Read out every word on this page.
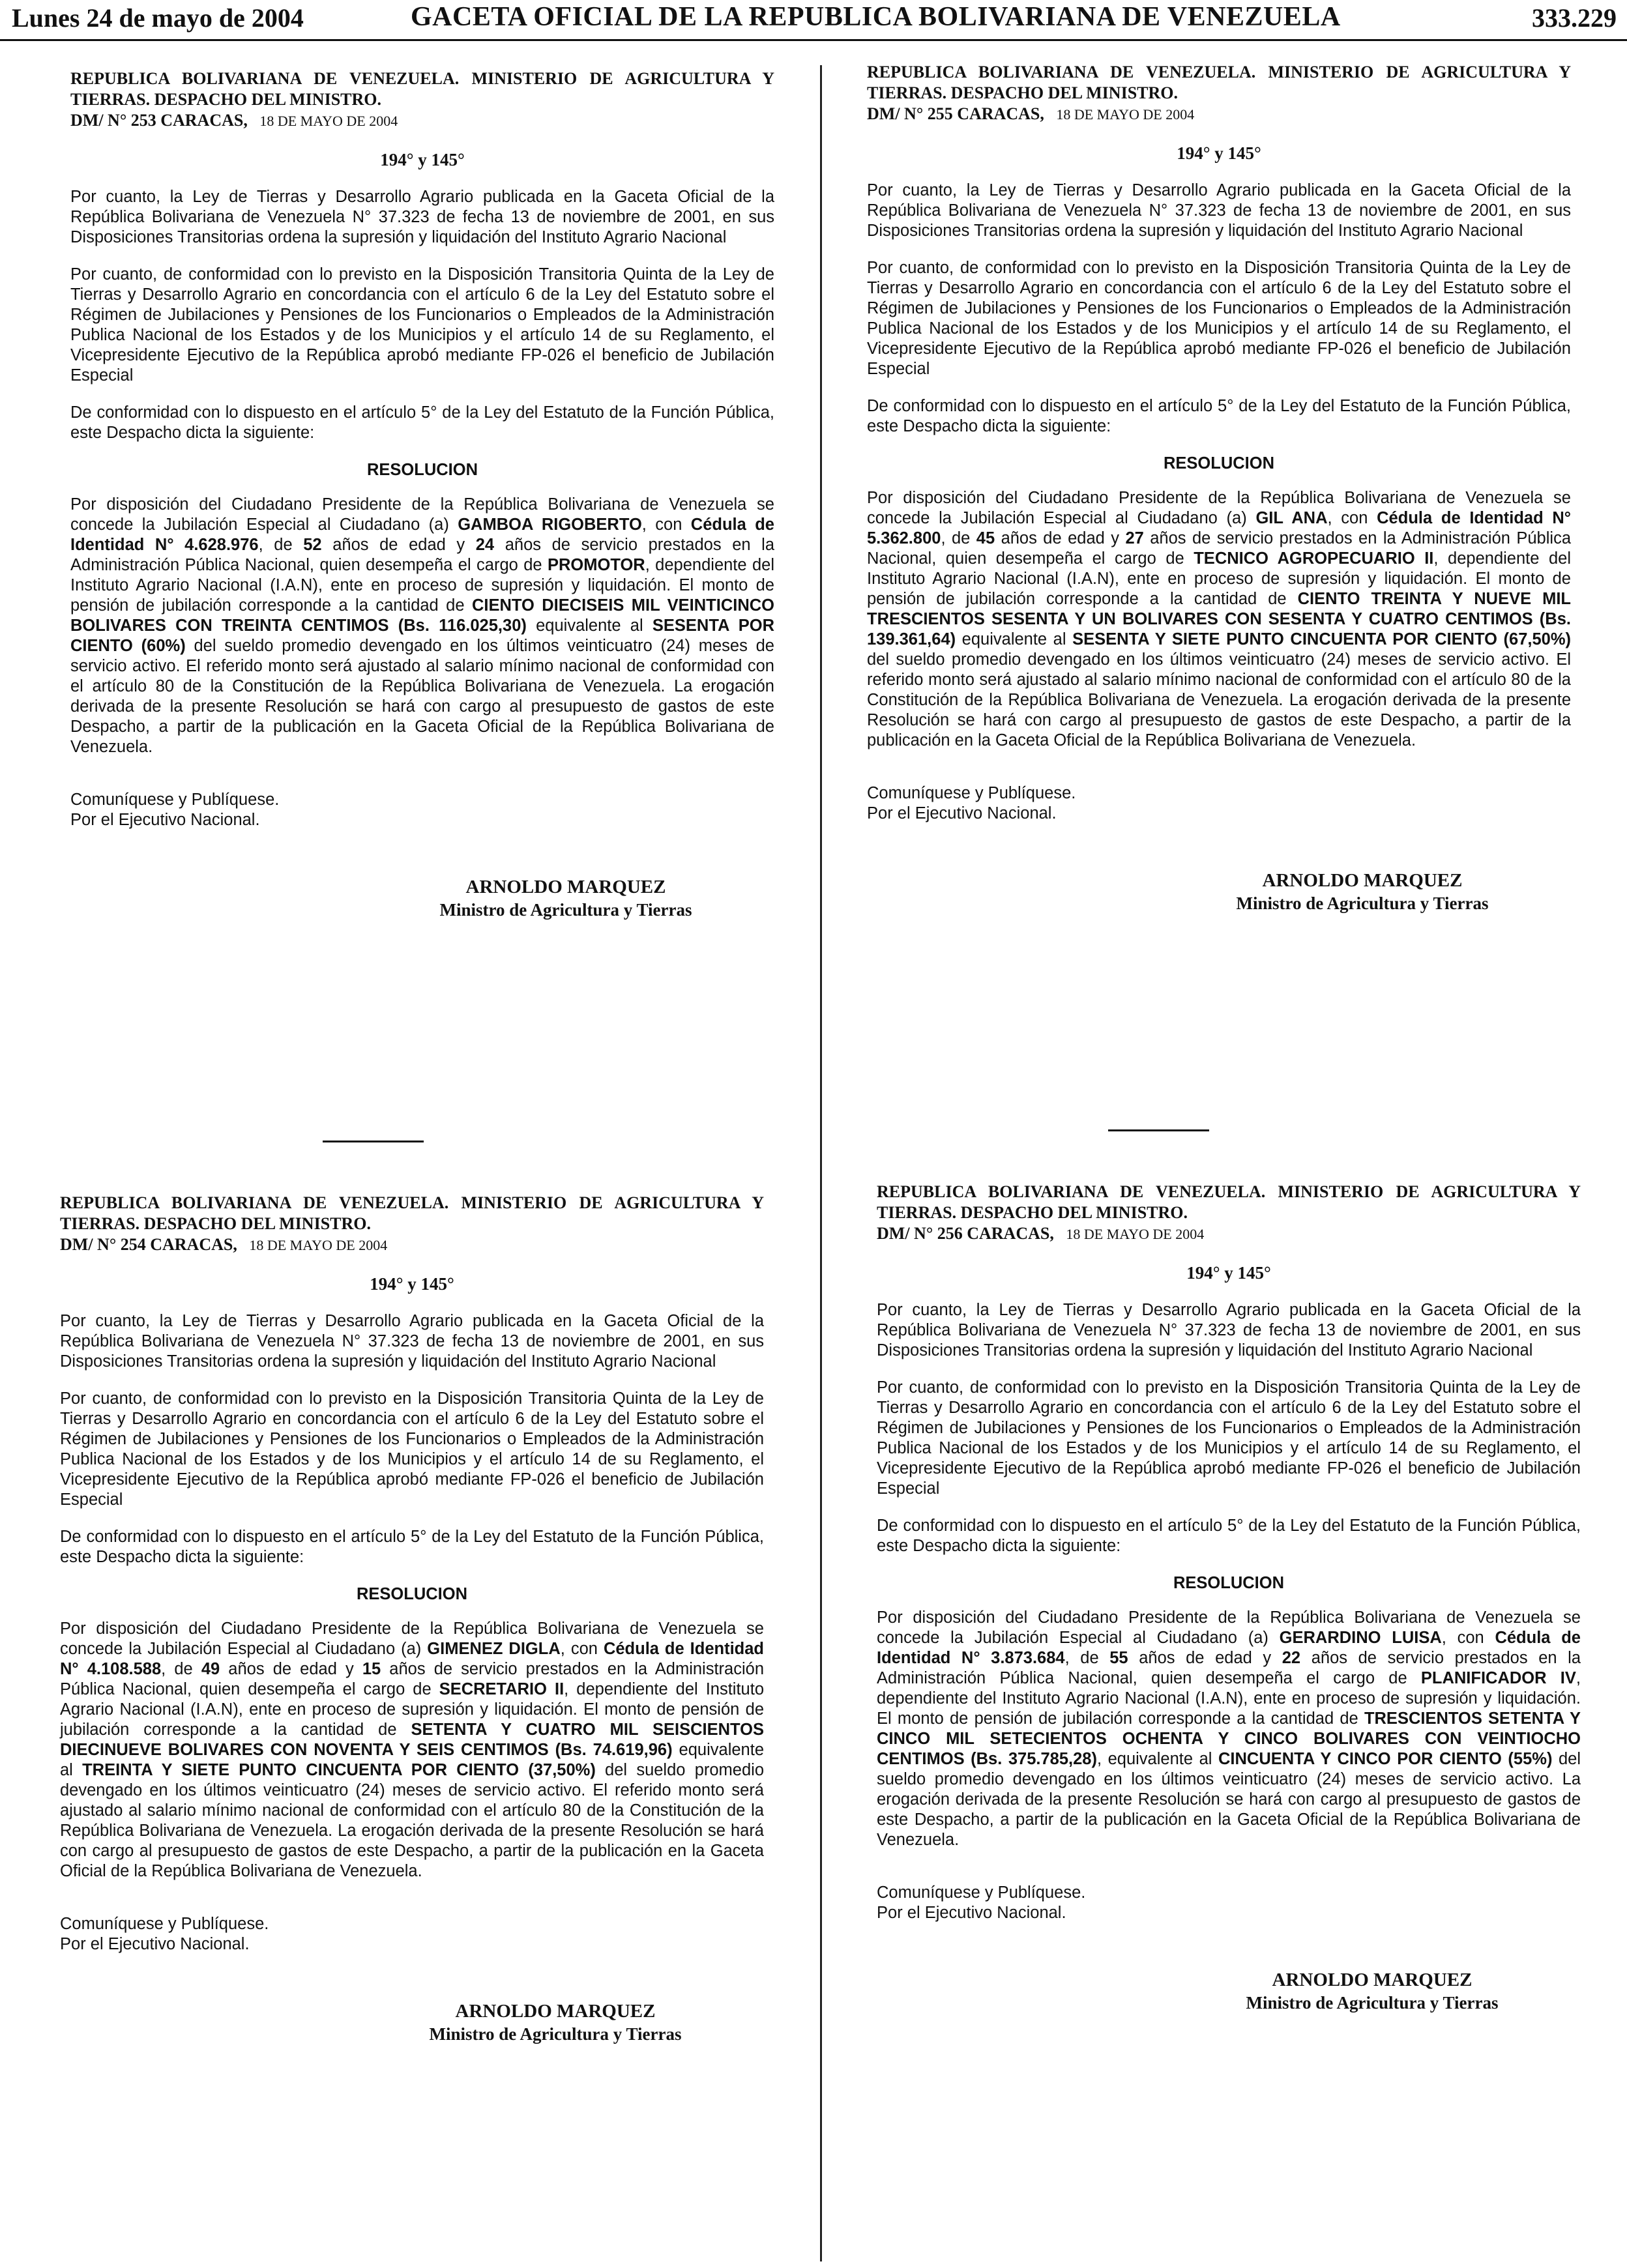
Lunes 24 de mayo de 2004	GACETA OFICIAL DE LA REPUBLICA BOLIVARIANA DE VENEZUELA	333.229
REPUBLICA BOLIVARIANA DE VENEZUELA. MINISTERIO DE AGRICULTURA Y TIERRAS. DESPACHO DEL MINISTRO.
DM/ N° 253 CARACAS, 18 DE MAYO DE 2004
194° y 145°

Por cuanto, la Ley de Tierras y Desarrollo Agrario publicada en la Gaceta Oficial de la República Bolivariana de Venezuela N° 37.323 de fecha 13 de noviembre de 2001, en sus Disposiciones Transitorias ordena la supresión y liquidación del Instituto Agrario Nacional

Por cuanto, de conformidad con lo previsto en la Disposición Transitoria Quinta de la Ley de Tierras y Desarrollo Agrario en concordancia con el artículo 6 de la Ley del Estatuto sobre el Régimen de Jubilaciones y Pensiones de los Funcionarios o Empleados de la Administración Publica Nacional de los Estados y de los Municipios y el artículo 14 de su Reglamento, el Vicepresidente Ejecutivo de la República aprobó mediante FP-026 el beneficio de Jubilación Especial

De conformidad con lo dispuesto en el artículo 5° de la Ley del Estatuto de la Función Pública, este Despacho dicta la siguiente:

RESOLUCION

Por disposición del Ciudadano Presidente de la República Bolivariana de Venezuela se concede la Jubilación Especial al Ciudadano (a) GAMBOA RIGOBERTO, con Cédula de Identidad N° 4.628.976, de 52 años de edad y 24 años de servicio prestados en la Administración Pública Nacional, quien desempeña el cargo de PROMOTOR, dependiente del Instituto Agrario Nacional (I.A.N), ente en proceso de supresión y liquidación. El monto de pensión de jubilación corresponde a la cantidad de CIENTO DIECISEIS MIL VEINTICINCO BOLIVARES CON TREINTA CENTIMOS (Bs. 116.025,30) equivalente al SESENTA POR CIENTO (60%) del sueldo promedio devengado en los últimos veinticuatro (24) meses de servicio activo. El referido monto será ajustado al salario mínimo nacional de conformidad con el artículo 80 de la Constitución de la República Bolivariana de Venezuela. La erogación derivada de la presente Resolución se hará con cargo al presupuesto de gastos de este Despacho, a partir de la publicación en la Gaceta Oficial de la República Bolivariana de Venezuela.

Comuníquese y Publíquese.

Por el Ejecutivo Nacional.

ARNOLDO MARQUEZ
Ministro de Agricultura y Tierras
REPUBLICA BOLIVARIANA DE VENEZUELA. MINISTERIO DE AGRICULTURA Y TIERRAS. DESPACHO DEL MINISTRO.
DM/ N° 255 CARACAS, 18 DE MAYO DE 2004
194° y 145°

Por cuanto, la Ley de Tierras y Desarrollo Agrario publicada en la Gaceta Oficial de la República Bolivariana de Venezuela N° 37.323 de fecha 13 de noviembre de 2001, en sus Disposiciones Transitorias ordena la supresión y liquidación del Instituto Agrario Nacional

Por cuanto, de conformidad con lo previsto en la Disposición Transitoria Quinta de la Ley de Tierras y Desarrollo Agrario en concordancia con el artículo 6 de la Ley del Estatuto sobre el Régimen de Jubilaciones y Pensiones de los Funcionarios o Empleados de la Administración Publica Nacional de los Estados y de los Municipios y el artículo 14 de su Reglamento, el Vicepresidente Ejecutivo de la República aprobó mediante FP-026 el beneficio de Jubilación Especial

De conformidad con lo dispuesto en el artículo 5° de la Ley del Estatuto de la Función Pública, este Despacho dicta la siguiente:

RESOLUCION

Por disposición del Ciudadano Presidente de la República Bolivariana de Venezuela se concede la Jubilación Especial al Ciudadano (a) GIL ANA, con Cédula de Identidad N° 5.362.800, de 45 años de edad y 27 años de servicio prestados en la Administración Pública Nacional, quien desempeña el cargo de TECNICO AGROPECUARIO II, dependiente del Instituto Agrario Nacional (I.A.N), ente en proceso de supresión y liquidación. El monto de pensión de jubilación corresponde a la cantidad de CIENTO TREINTA Y NUEVE MIL TRESCIENTOS SESENTA Y UN BOLIVARES CON SESENTA Y CUATRO CENTIMOS (Bs. 139.361,64) equivalente al SESENTA Y SIETE PUNTO CINCUENTA POR CIENTO (67,50%) del sueldo promedio devengado en los últimos veinticuatro (24) meses de servicio activo. El referido monto será ajustado al salario mínimo nacional de conformidad con el artículo 80 de la Constitución de la República Bolivariana de Venezuela. La erogación derivada de la presente Resolución se hará con cargo al presupuesto de gastos de este Despacho, a partir de la publicación en la Gaceta Oficial de la República Bolivariana de Venezuela.

Comuníquese y Publíquese.

Por el Ejecutivo Nacional.

ARNOLDO MARQUEZ
Ministro de Agricultura y Tierras
REPUBLICA BOLIVARIANA DE VENEZUELA. MINISTERIO DE AGRICULTURA Y TIERRAS. DESPACHO DEL MINISTRO.
DM/ N° 254 CARACAS, 18 DE MAYO DE 2004
194° y 145°

Por cuanto, la Ley de Tierras y Desarrollo Agrario publicada en la Gaceta Oficial de la República Bolivariana de Venezuela N° 37.323 de fecha 13 de noviembre de 2001, en sus Disposiciones Transitorias ordena la supresión y liquidación del Instituto Agrario Nacional

Por cuanto, de conformidad con lo previsto en la Disposición Transitoria Quinta de la Ley de Tierras y Desarrollo Agrario en concordancia con el artículo 6 de la Ley del Estatuto sobre el Régimen de Jubilaciones y Pensiones de los Funcionarios o Empleados de la Administración Publica Nacional de los Estados y de los Municipios y el artículo 14 de su Reglamento, el Vicepresidente Ejecutivo de la República aprobó mediante FP-026 el beneficio de Jubilación Especial

De conformidad con lo dispuesto en el artículo 5° de la Ley del Estatuto de la Función Pública, este Despacho dicta la siguiente:

RESOLUCION

Por disposición del Ciudadano Presidente de la República Bolivariana de Venezuela se concede la Jubilación Especial al Ciudadano (a) GIMENEZ DIGLA, con Cédula de Identidad N° 4.108.588, de 49 años de edad y 15 años de servicio prestados en la Administración Pública Nacional, quien desempeña el cargo de SECRETARIO II, dependiente del Instituto Agrario Nacional (I.A.N), ente en proceso de supresión y liquidación. El monto de pensión de jubilación corresponde a la cantidad de SETENTA Y CUATRO MIL SEISCIENTOS DIECINUEVE BOLIVARES CON NOVENTA Y SEIS CENTIMOS (Bs. 74.619,96) equivalente al TREINTA Y SIETE PUNTO CINCUENTA POR CIENTO (37,50%) del sueldo promedio devengado en los últimos veinticuatro (24) meses de servicio activo. El referido monto será ajustado al salario mínimo nacional de conformidad con el artículo 80 de la Constitución de la República Bolivariana de Venezuela. La erogación derivada de la presente Resolución se hará con cargo al presupuesto de gastos de este Despacho, a partir de la publicación en la Gaceta Oficial de la República Bolivariana de Venezuela.

Comuníquese y Publíquese.

Por el Ejecutivo Nacional.

ARNOLDO MARQUEZ
Ministro de Agricultura y Tierras
REPUBLICA BOLIVARIANA DE VENEZUELA. MINISTERIO DE AGRICULTURA Y TIERRAS. DESPACHO DEL MINISTRO.
DM/ N° 256 CARACAS, 18 DE MAYO DE 2004
194° y 145°

Por cuanto, la Ley de Tierras y Desarrollo Agrario publicada en la Gaceta Oficial de la República Bolivariana de Venezuela N° 37.323 de fecha 13 de noviembre de 2001, en sus Disposiciones Transitorias ordena la supresión y liquidación del Instituto Agrario Nacional

Por cuanto, de conformidad con lo previsto en la Disposición Transitoria Quinta de la Ley de Tierras y Desarrollo Agrario en concordancia con el artículo 6 de la Ley del Estatuto sobre el Régimen de Jubilaciones y Pensiones de los Funcionarios o Empleados de la Administración Publica Nacional de los Estados y de los Municipios y el artículo 14 de su Reglamento, el Vicepresidente Ejecutivo de la República aprobó mediante FP-026 el beneficio de Jubilación Especial

De conformidad con lo dispuesto en el artículo 5° de la Ley del Estatuto de la Función Pública, este Despacho dicta la siguiente:

RESOLUCION

Por disposición del Ciudadano Presidente de la República Bolivariana de Venezuela se concede la Jubilación Especial al Ciudadano (a) GERARDINO LUISA, con Cédula de Identidad N° 3.873.684, de 55 años de edad y 22 años de servicio prestados en la Administración Pública Nacional, quien desempeña el cargo de PLANIFICADOR IV, dependiente del Instituto Agrario Nacional (I.A.N), ente en proceso de supresión y liquidación. El monto de pensión de jubilación corresponde a la cantidad de TRESCIENTOS SETENTA Y CINCO MIL SETECIENTOS OCHENTA Y CINCO BOLIVARES CON VEINTIOCHO CENTIMOS (Bs. 375.785,28), equivalente al CINCUENTA Y CINCO POR CIENTO (55%) del sueldo promedio devengado en los últimos veinticuatro (24) meses de servicio activo. La erogación derivada de la presente Resolución se hará con cargo al presupuesto de gastos de este Despacho, a partir de la publicación en la Gaceta Oficial de la República Bolivariana de Venezuela.

Comuníquese y Publíquese.

Por el Ejecutivo Nacional.

ARNOLDO MARQUEZ
Ministro de Agricultura y Tierras
